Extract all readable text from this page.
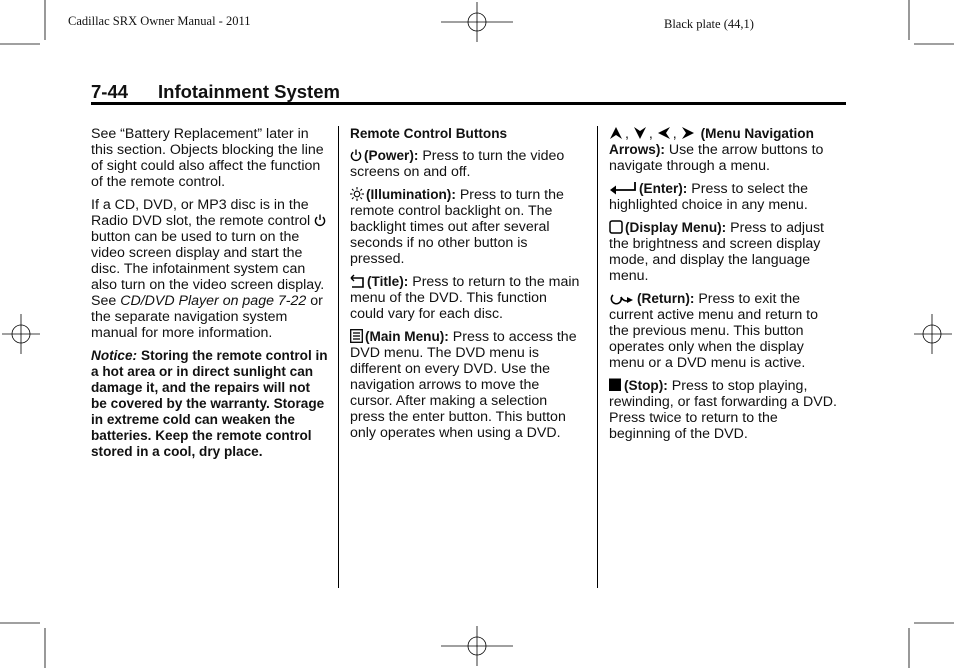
Cadillac SRX Owner Manual - 2011	Black plate (44,1)
7-44 Infotainment System

See “Battery Replacement” later in this section. Objects blocking the line of sight could also affect the function of the remote control.

If a CD, DVD, or MP3 disc is in the Radio DVD slot, the remote control button can be used to turn on the video screen display and start the disc. The infotainment system can also turn on the video screen display. See CD/DVD Player on page 7-22 or the separate navigation system manual for more information.

Notice: Storing the remote control in a hot area or in direct sunlight can damage it, and the repairs will not be covered by the warranty. Storage in extreme cold can weaken the batteries. Keep the remote control stored in a cool, dry place.

Remote Control Buttons

(Power): Press to turn the video screens on and off.

(Illumination): Press to turn the remote control backlight on. The backlight times out after several seconds if no other button is pressed.

(Title): Press to return to the main menu of the DVD. This function could vary for each disc.

(Main Menu): Press to access the DVD menu. The DVD menu is different on every DVD. Use the navigation arrows to move the cursor. After making a selection press the enter button. This button only operates when using a DVD.

, , ,  (Menu Navigation Arrows): Use the arrow buttons to navigate through a menu.

(Enter): Press to select the highlighted choice in any menu.

(Display Menu): Press to adjust the brightness and screen display mode, and display the language menu.

(Return): Press to exit the current active menu and return to the previous menu. This button operates only when the display menu or a DVD menu is active.

(Stop): Press to stop playing, rewinding, or fast forwarding a DVD. Press twice to return to the beginning of the DVD.
